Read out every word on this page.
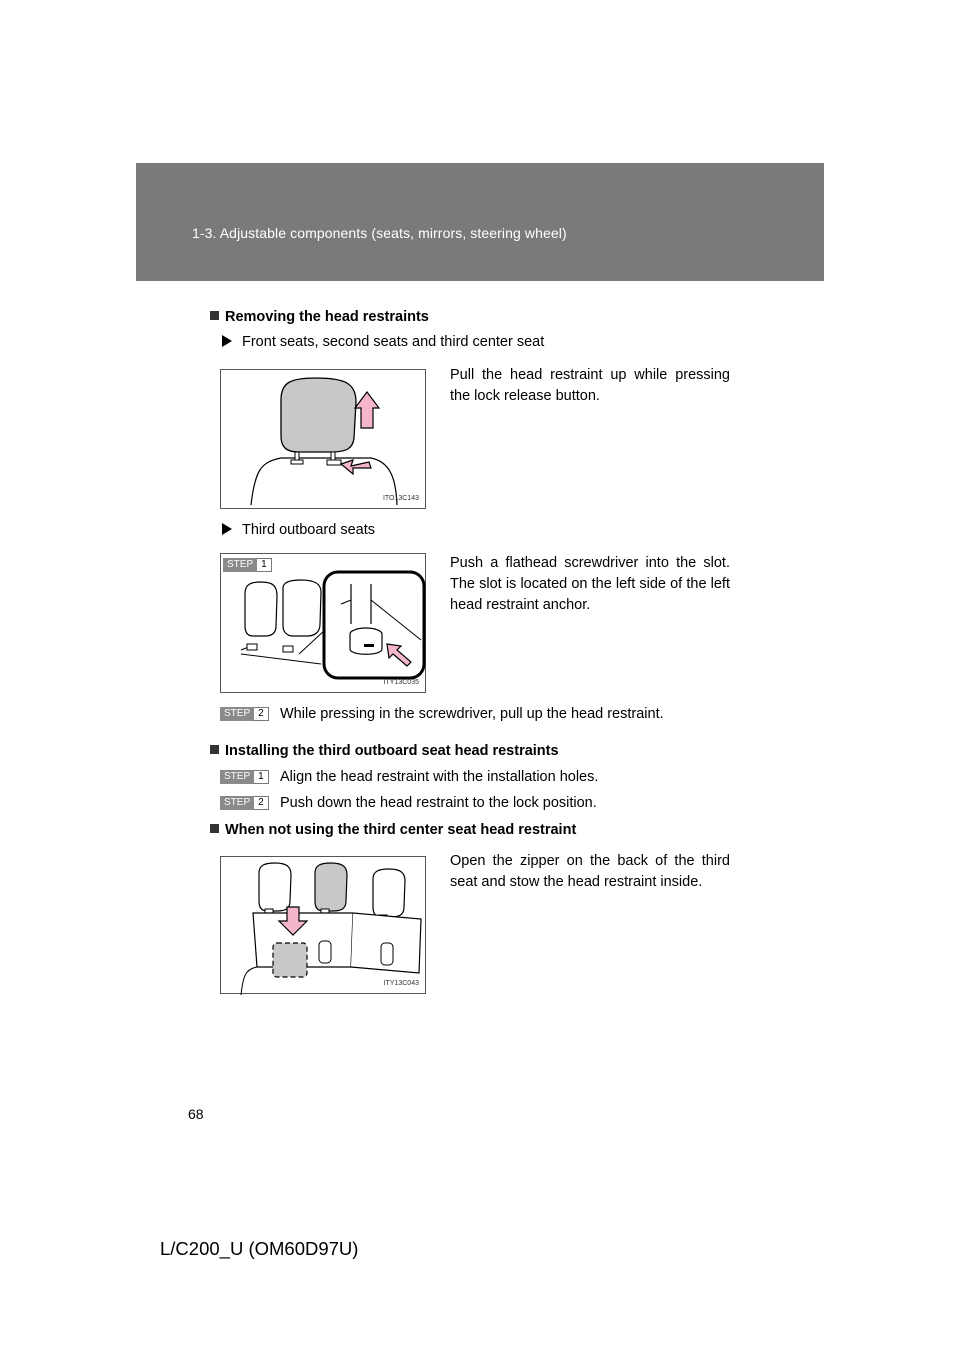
1-3. Adjustable components (seats, mirrors, steering wheel)
Removing the head restraints
Front seats, second seats and third center seat
ITO13C143
Pull the head restraint up while pressing the lock release button.
Third outboard seats
STEP 1
ITY13C035
Push a flathead screwdriver into the slot. The slot is located on the left side of the left head restraint anchor.
STEP 2	While pressing in the screwdriver, pull up the head restraint.
Installing the third outboard seat head restraints
STEP 1	Align the head restraint with the installation holes.
STEP 2	Push down the head restraint to the lock position.
When not using the third center seat head restraint
ITY13C043
Open the zipper on the back of the third seat and stow the head restraint inside.
68
L/C200_U (OM60D97U)
